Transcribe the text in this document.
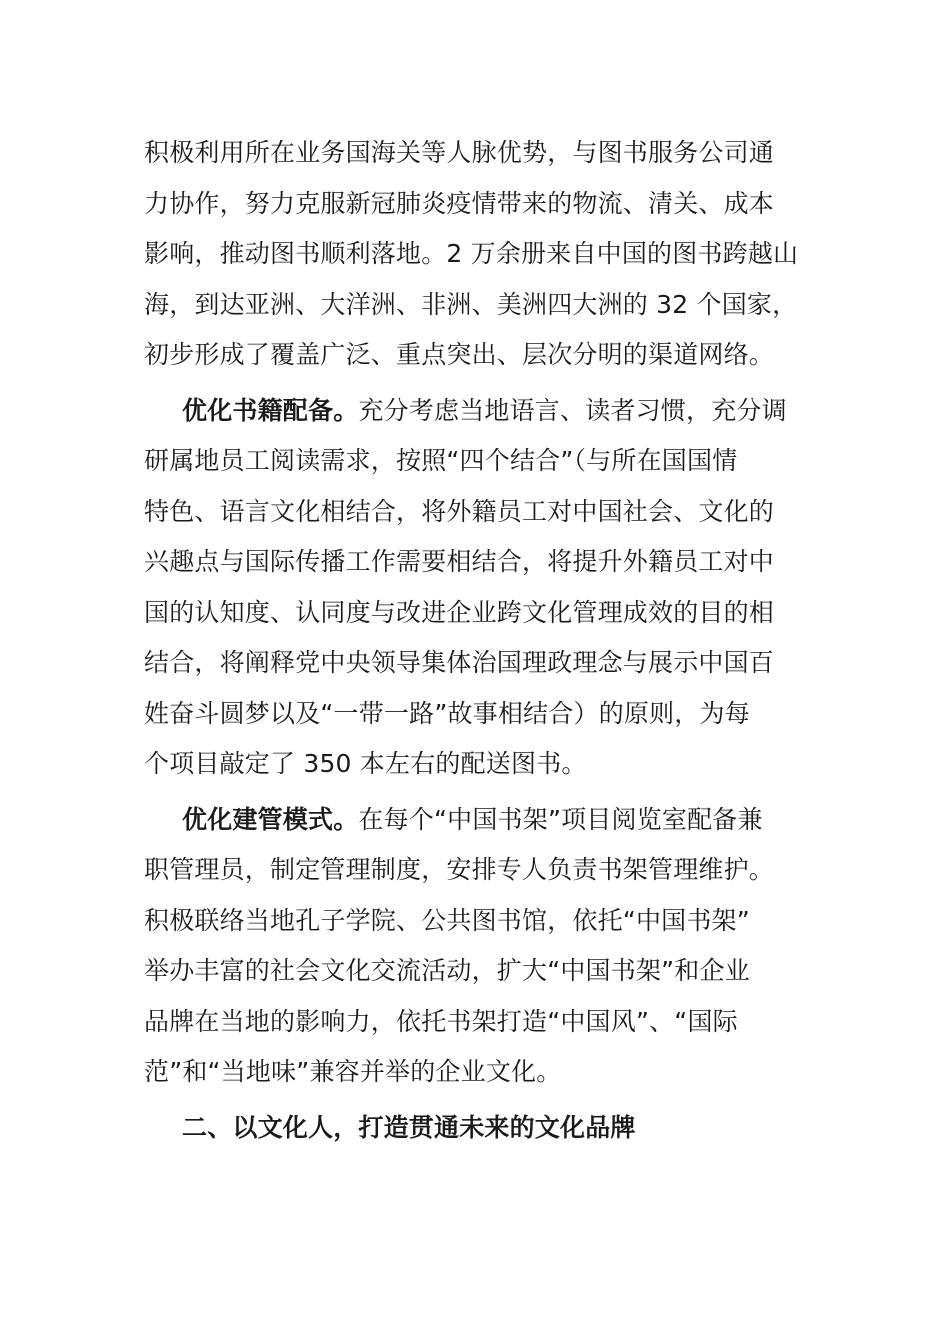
积极利用所在业务国海关等人脉优势，与图书服务公司通
力协作，努力克服新冠肺炎疫情带来的物流、清关、成本
影响，推动图书顺利落地。2 万余册来自中国的图书跨越山
海，到达亚洲、大洋洲、非洲、美洲四大洲的 32 个国家，
初步形成了覆盖广泛、重点突出、层次分明的渠道网络。
优化书籍配备。充分考虑当地语言、读者习惯，充分调
研属地员工阅读需求，按照“四个结合”（与所在国国情
特色、语言文化相结合，将外籍员工对中国社会、文化的
兴趣点与国际传播工作需要相结合，将提升外籍员工对中
国的认知度、认同度与改进企业跨文化管理成效的目的相
结合，将阐释党中央领导集体治国理政理念与展示中国百
姓奋斗圆梦以及“一带一路”故事相结合）的原则，为每
个项目敲定了 350 本左右的配送图书。
优化建管模式。在每个“中国书架”项目阅览室配备兼
职管理员，制定管理制度，安排专人负责书架管理维护。
积极联络当地孔子学院、公共图书馆，依托“中国书架”
举办丰富的社会文化交流活动，扩大“中国书架”和企业
品牌在当地的影响力，依托书架打造“中国风”、“国际
范”和“当地味”兼容并举的企业文化。
二、以文化人，打造贯通未来的文化品牌
